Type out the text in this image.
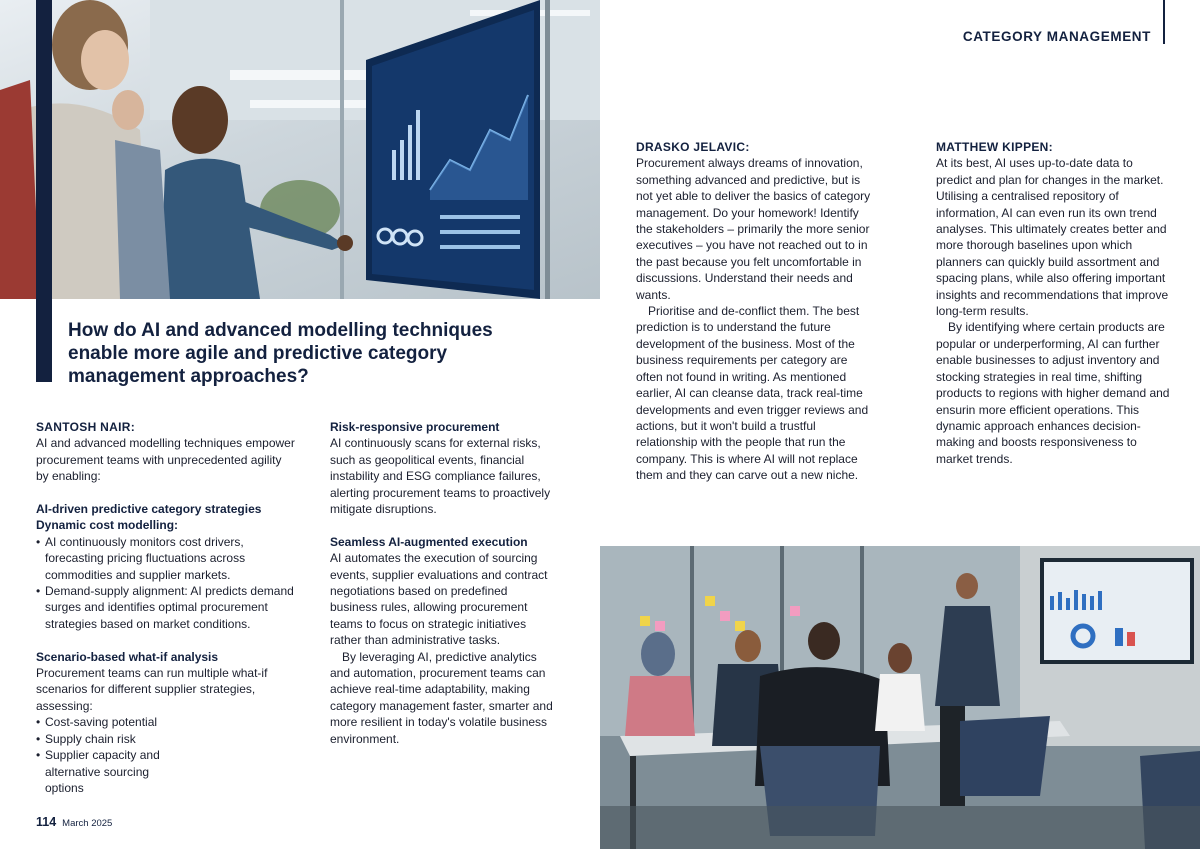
CATEGORY MANAGEMENT
How do AI and advanced modelling techniques enable more agile and predictive category management approaches?

SANTOSH NAIR:

AI and advanced modelling techniques empower procurement teams with unprecedented agility by enabling:

AI-driven predictive category strategies Dynamic cost modelling:

• AI continuously monitors cost drivers, forecasting pricing fluctuations across commodities and supplier markets.
• Demand-supply alignment: AI predicts demand surges and identifies optimal procurement strategies based on market conditions.

Scenario-based what-if analysis

Procurement teams can run multiple what-if scenarios for different supplier strategies, assessing:

• Cost-saving potential
• Supply chain risk
• Supplier capacity and alternative sourcing options

Risk-responsive procurement

AI continuously scans for external risks, such as geopolitical events, financial instability and ESG compliance failures, alerting procurement teams to proactively mitigate disruptions.

Seamless AI-augmented execution

AI automates the execution of sourcing events, supplier evaluations and contract negotiations based on predefined business rules, allowing procurement teams to focus on strategic initiatives rather than administrative tasks.

By leveraging AI, predictive analytics and automation, procurement teams can achieve real-time adaptability, making category management faster, smarter and more resilient in today's volatile business environment.

DRASKO JELAVIC:

Procurement always dreams of innovation, something advanced and predictive, but is not yet able to deliver the basics of category management. Do your homework! Identify the stakeholders – primarily the more senior executives – you have not reached out to in the past because you felt uncomfortable in discussions. Understand their needs and wants.

Prioritise and de-conflict them. The best prediction is to understand the future development of the business. Most of the business requirements per category are often not found in writing. As mentioned earlier, AI can cleanse data, track real-time developments and even trigger reviews and actions, but it won't build a trustful relationship with the people that run the company. This is where AI will not replace them and they can carve out a new niche.

MATTHEW KIPPEN:

At its best, AI uses up-to-date data to predict and plan for changes in the market. Utilising a centralised repository of information, AI can even run its own trend analyses. This ultimately creates better and more thorough baselines upon which planners can quickly build assortment and spacing plans, while also offering important insights and recommendations that improve long-term results.

By identifying where certain products are popular or underperforming, AI can further enable businesses to adjust inventory and stocking strategies in real time, shifting products to regions with higher demand and ensurin more efficient operations. This dynamic approach enhances decision-making and boosts responsiveness to market trends.

114 March 2025
